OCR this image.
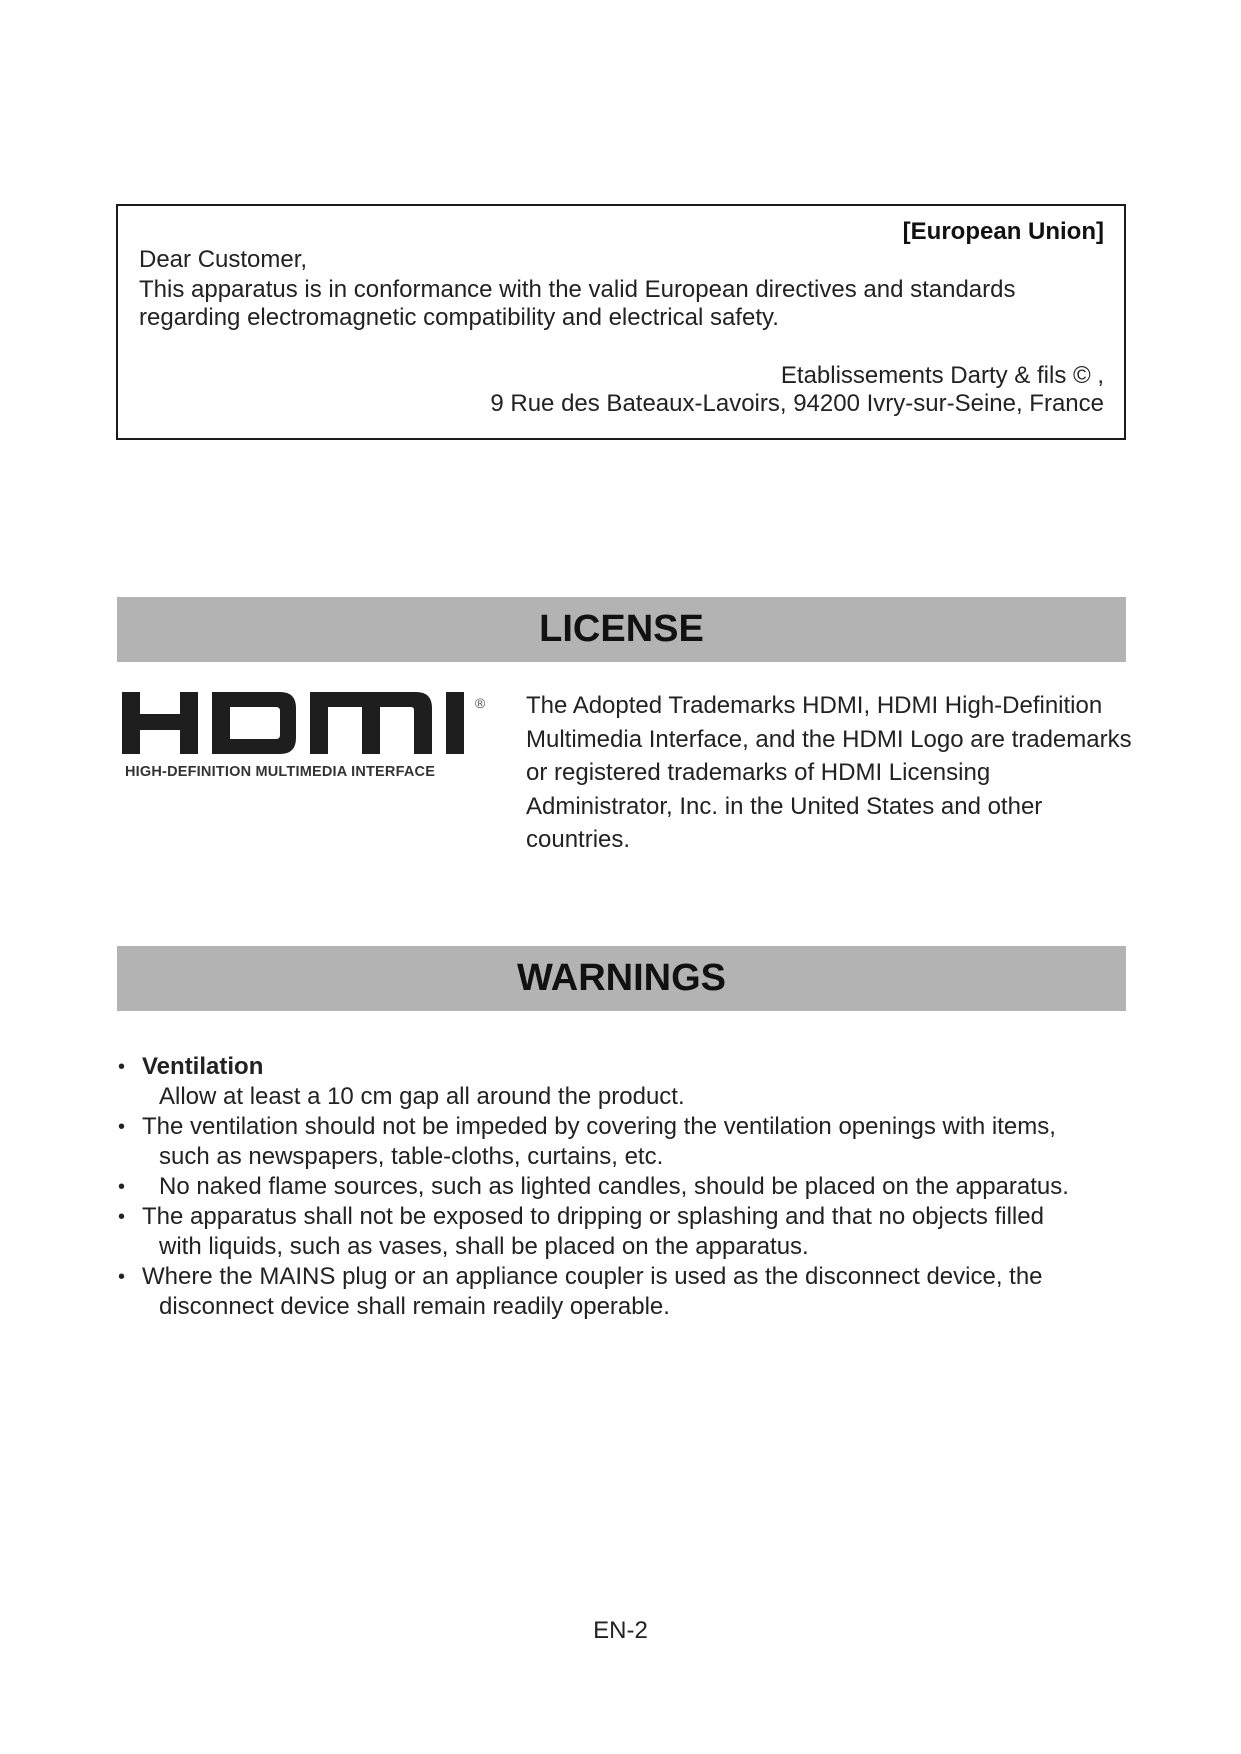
[European Union]
Dear Customer,
This apparatus is in conformance with the valid European directives and standards regarding electromagnetic compatibility and electrical safety.
Etablissements Darty & fils © ,
9 Rue des Bateaux-Lavoirs, 94200 Ivry-sur-Seine, France
LICENSE
®
HIGH-DEFINITION MULTIMEDIA INTERFACE
The Adopted Trademarks HDMI, HDMI High-Definition Multimedia Interface, and the HDMI Logo are trademarks or registered trademarks of HDMI Licensing Administrator, Inc. in the United States and other countries.
WARNINGS
• Ventilation
Allow at least a 10 cm gap all around the product.
• The ventilation should not be impeded by covering the ventilation openings with items,
such as newspapers, table-cloths, curtains, etc.
•	No naked flame sources, such as lighted candles, should be placed on the apparatus.
• The apparatus shall not be exposed to dripping or splashing and that no objects filled
with liquids, such as vases, shall be placed on the apparatus.
• Where the MAINS plug or an appliance coupler is used as the disconnect device, the
disconnect device shall remain readily operable.
EN-2
